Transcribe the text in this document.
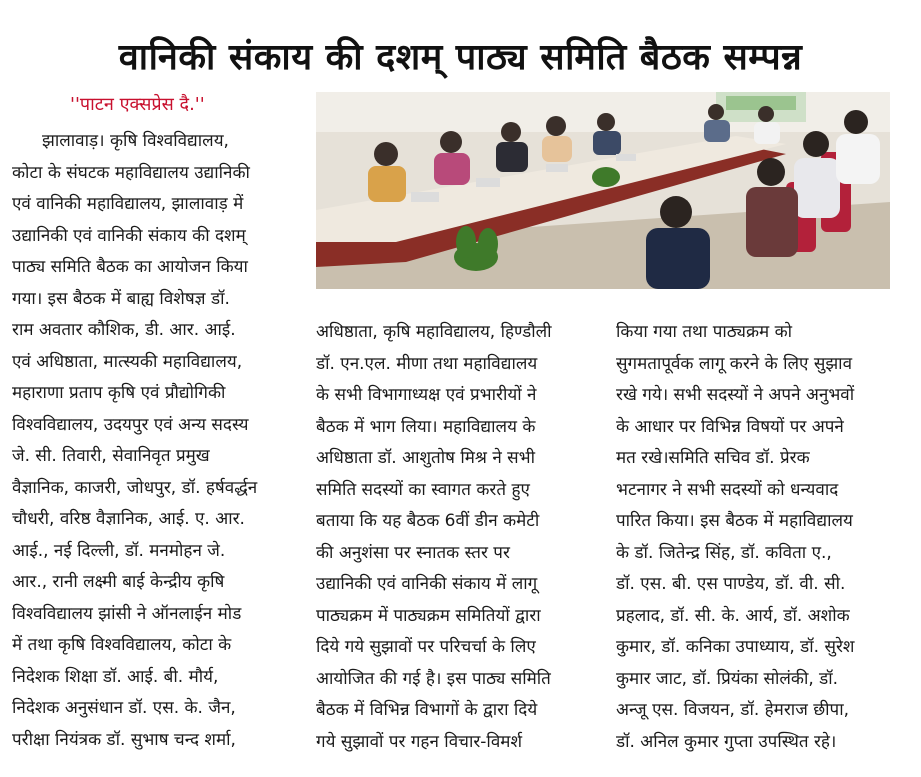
वानिकी संकाय की दशम् पाठ्य समिति बैठक सम्पन्न
''पाटन एक्सप्रेस दै.''
झालावाड़। कृषि विश्वविद्यालय,
कोटा के संघटक महाविद्यालय उद्यानिकी
एवं वानिकी महाविद्यालय, झालावाड़ में
उद्यानिकी एवं वानिकी संकाय की दशम्
पाठ्य समिति बैठक का आयोजन किया
गया। इस बैठक में बाह्य विशेषज्ञ डॉ.
राम अवतार कौशिक, डी. आर. आई.
एवं अधिष्ठाता, मात्स्यकी महाविद्यालय,
महाराणा प्रताप कृषि एवं प्रौद्योगिकी
विश्वविद्यालय, उदयपुर एवं अन्य सदस्य
जे. सी. तिवारी, सेवानिवृत प्रमुख
वैज्ञानिक, काजरी, जोधपुर, डॉ. हर्षवर्द्धन
चौधरी, वरिष्ठ वैज्ञानिक, आई. ए. आर.
आई., नई दिल्ली, डॉ. मनमोहन जे.
आर., रानी लक्ष्मी बाई केन्द्रीय कृषि
विश्वविद्यालय झांसी ने ऑनलाईन मोड
में तथा कृषि विश्वविद्यालय, कोटा के
निदेशक शिक्षा डॉ. आई. बी. मौर्य,
निदेशक अनुसंधान डॉ. एस. के. जैन,
परीक्षा नियंत्रक डॉ. सुभाष चन्द शर्मा,
अधिष्ठाता, कृषि महाविद्यालय, हिण्डौली
डॉ. एन.एल. मीणा तथा महाविद्यालय
के सभी विभागाध्यक्ष एवं प्रभारीयों ने
बैठक में भाग लिया। महाविद्यालय के
अधिष्ठाता डॉ. आशुतोष मिश्र ने सभी
समिति सदस्यों का स्वागत करते हुए
बताया कि यह बैठक 6वीं डीन कमेटी
की अनुशंसा पर स्नातक स्तर पर
उद्यानिकी एवं वानिकी संकाय में लागू
पाठ्यक्रम में पाठ्यक्रम समितियों द्वारा
दिये गये सुझावों पर परिचर्चा के लिए
आयोजित की गई है। इस पाठ्य समिति
बैठक में विभिन्न विभागों के द्वारा दिये
गये सुझावों पर गहन विचार-विमर्श
किया गया तथा पाठ्यक्रम को
सुगमतापूर्वक लागू करने के लिए सुझाव
रखे गये। सभी सदस्यों ने अपने अनुभवों
के आधार पर विभिन्न विषयों पर अपने
मत रखे।समिति सचिव डॉ. प्रेरक
भटनागर ने सभी सदस्यों को धन्यवाद
पारित किया। इस बैठक में महाविद्यालय
के डॉ. जितेन्द्र सिंह, डॉ. कविता ए.,
डॉ. एस. बी. एस पाण्डेय, डॉ. वी. सी.
प्रहलाद, डॉ. सी. के. आर्य, डॉ. अशोक
कुमार, डॉ. कनिका उपाध्याय, डॉ. सुरेश
कुमार जाट, डॉ. प्रियंका सोलंकी, डॉ.
अन्जू एस. विजयन, डॉ. हेमराज छीपा,
डॉ. अनिल कुमार गुप्ता उपस्थित रहे।
